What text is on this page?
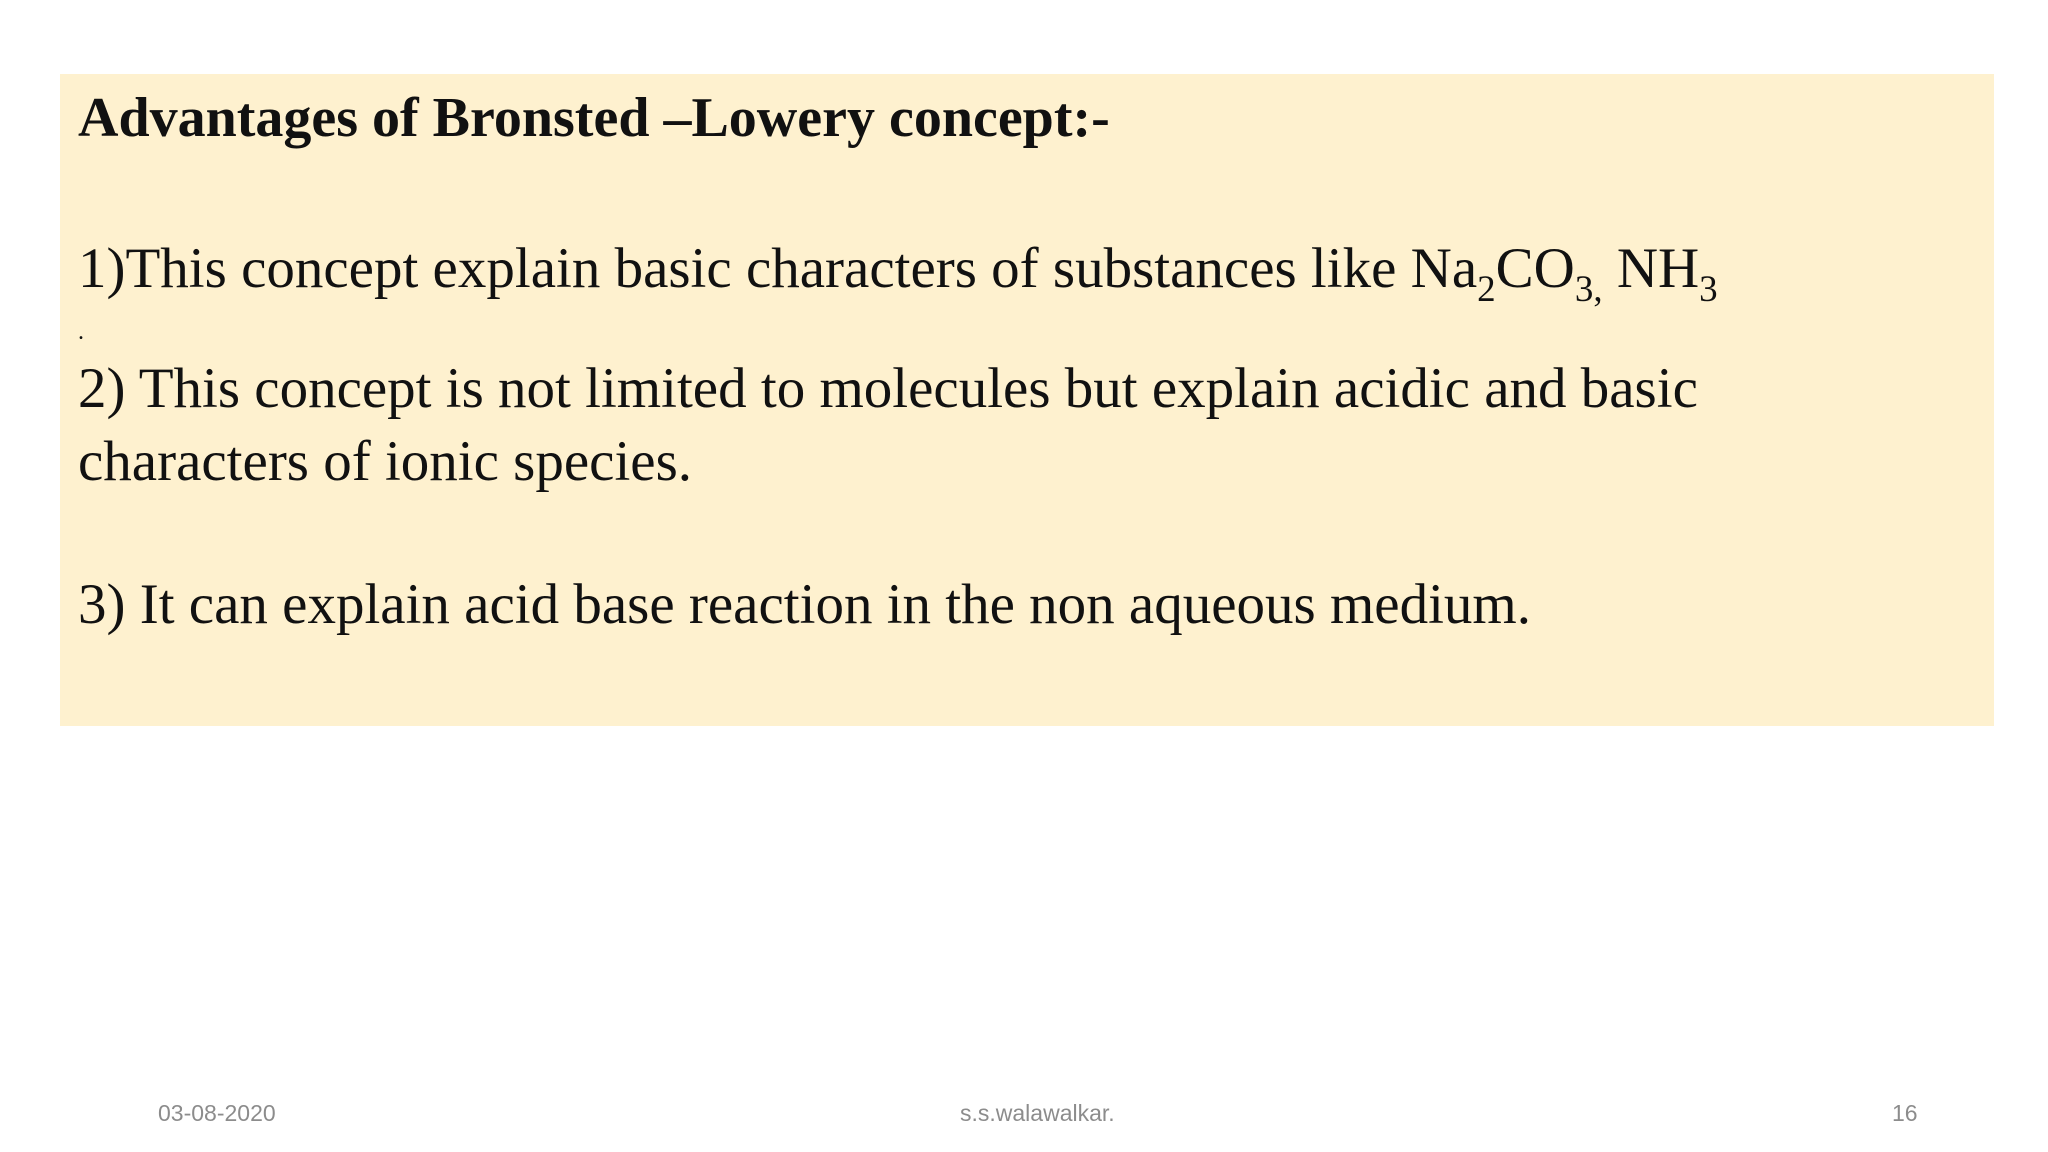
Advantages of Bronsted –Lowery concept:-

1)This concept explain basic characters of substances like $Na_2CO_{3,}$ $NH_3$

.

2) This concept is not limited to molecules but explain acidic and basic
characters of ionic species.

3) It can explain acid base reaction in the non aqueous medium.

03-08-2020	s.s.walawalkar.	16
